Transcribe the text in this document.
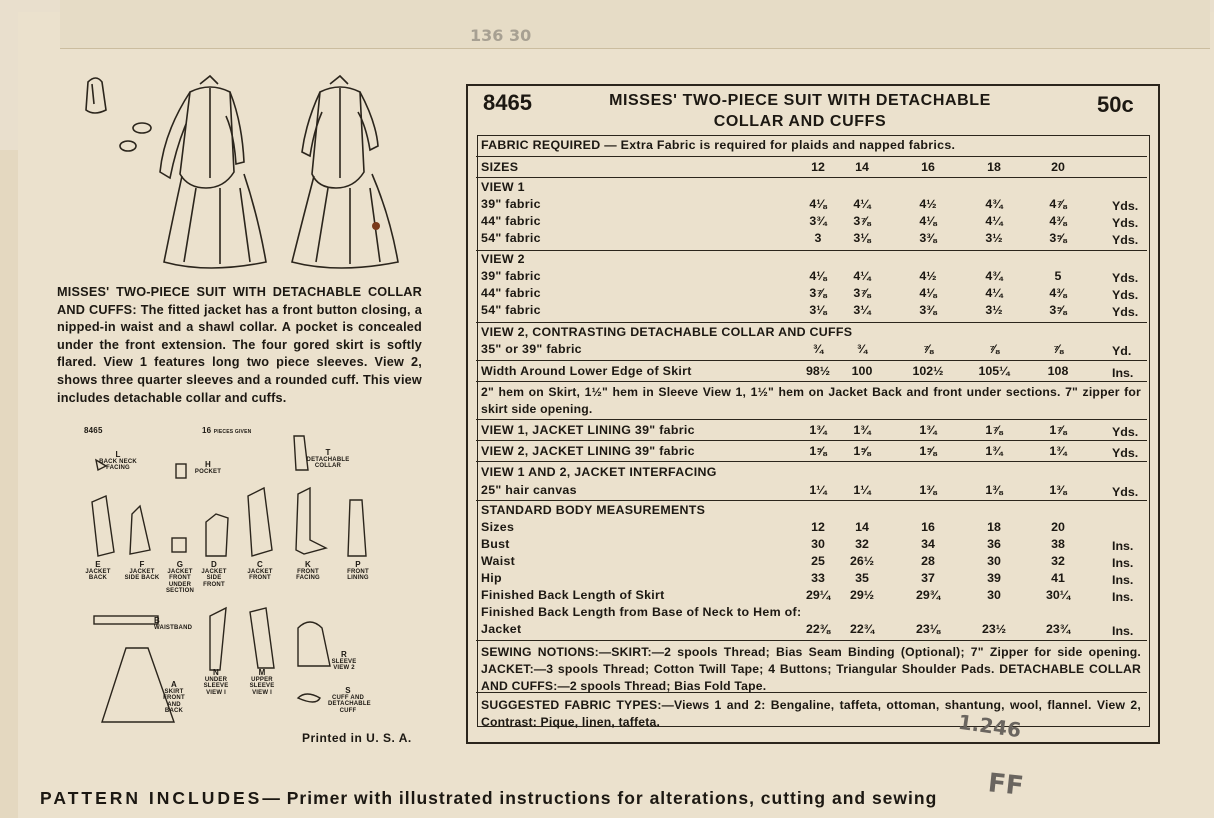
136 30
MISSES' TWO-PIECE SUIT WITH DETACHABLE COLLAR AND CUFFS: The fitted jacket has a front button closing, a nipped-in waist and a shawl collar. A pocket is concealed under the front extension. The four gored skirt is softly flared. View 1 features long two piece sleeves. View 2, shows three quarter sleeves and a rounded cuff. This view includes detachable collar and cuffs.
8465	16 PIECES GIVEN
L
BACK NECK FACING	H
POCKET
T
DETACHABLE COLLAR
E
JACKET BACK
F
JACKET SIDE BACK
G
JACKET FRONT UNDER SECTION
D
JACKET SIDE FRONT
C
JACKET FRONT
K
FRONT FACING
P
FRONT LINING
B
WAISTBAND
A
SKIRT FRONT AND BACK
N
UNDER SLEEVE VIEW I
M
UPPER SLEEVE VIEW I
R
SLEEVE VIEW 2
S
CUFF AND DETACHABLE CUFF
Printed in U. S. A.
8465	MISSES' TWO-PIECE SUIT WITH DETACHABLE
COLLAR AND CUFFS
50c
FABRIC REQUIRED — Extra Fabric is required for plaids and napped fabrics.
SIZES	12	14	16	18	20
VIEW 1
39" fabric	4⅛	4¼	4½	4¾	4⅞	Yds.
44" fabric	3¾	3⅞	4⅛	4¼	4⅜	Yds.
54" fabric	3	3⅛	3⅜	3½	3⅝	Yds.
VIEW 2
39" fabric	4⅛	4¼	4½	4¾	5	Yds.
44" fabric	3⅞	3⅞	4⅛	4¼	4⅜	Yds.
54" fabric	3⅛	3¼	3⅜	3½	3⅝	Yds.
VIEW 2, CONTRASTING DETACHABLE COLLAR AND CUFFS
35" or 39" fabric	¾	¾	⅞	⅞	⅞	Yd.
Width Around Lower Edge of Skirt	98½	100	102½	105¼	108	Ins.
2" hem on Skirt, 1½" hem in Sleeve View 1, 1½" hem on Jacket Back and front under sections. 7" zipper for skirt side opening.
VIEW 1, JACKET LINING 39" fabric	1¾	1¾	1¾	1⅞	1⅞	Yds.
VIEW 2, JACKET LINING 39" fabric	1⅝	1⅝	1⅝	1¾	1¾	Yds.
VIEW 1 AND 2, JACKET INTERFACING
25" hair canvas	1¼	1¼	1⅜	1⅜	1⅜	Yds.
STANDARD BODY MEASUREMENTS
Sizes	12	14	16	18	20
Bust	30	32	34	36	38	Ins.
Waist	25	26½	28	30	32	Ins.
Hip	33	35	37	39	41	Ins.
Finished Back Length of Skirt	29¼	29½	29¾	30	30¼	Ins.
Finished Back Length from Base of Neck to Hem of:
Jacket	22⅜	22¾	23⅛	23½	23¾	Ins.
SEWING NOTIONS:—SKIRT:—2 spools Thread; Bias Seam Binding (Optional); 7" Zipper for side opening. JACKET:—3 spools Thread; Cotton Twill Tape; 4 Buttons; Triangular Shoulder Pads. DETACHABLE COLLAR AND CUFFS:—2 spools Thread; Bias Fold Tape.
SUGGESTED FABRIC TYPES:—Views 1 and 2: Bengaline, taffeta, ottoman, shantung, wool, flannel. View 2, Contrast: Pique, linen, taffeta.
PATTERN INCLUDES— Primer with illustrated instructions for alterations, cutting and sewing
1.246
FF
